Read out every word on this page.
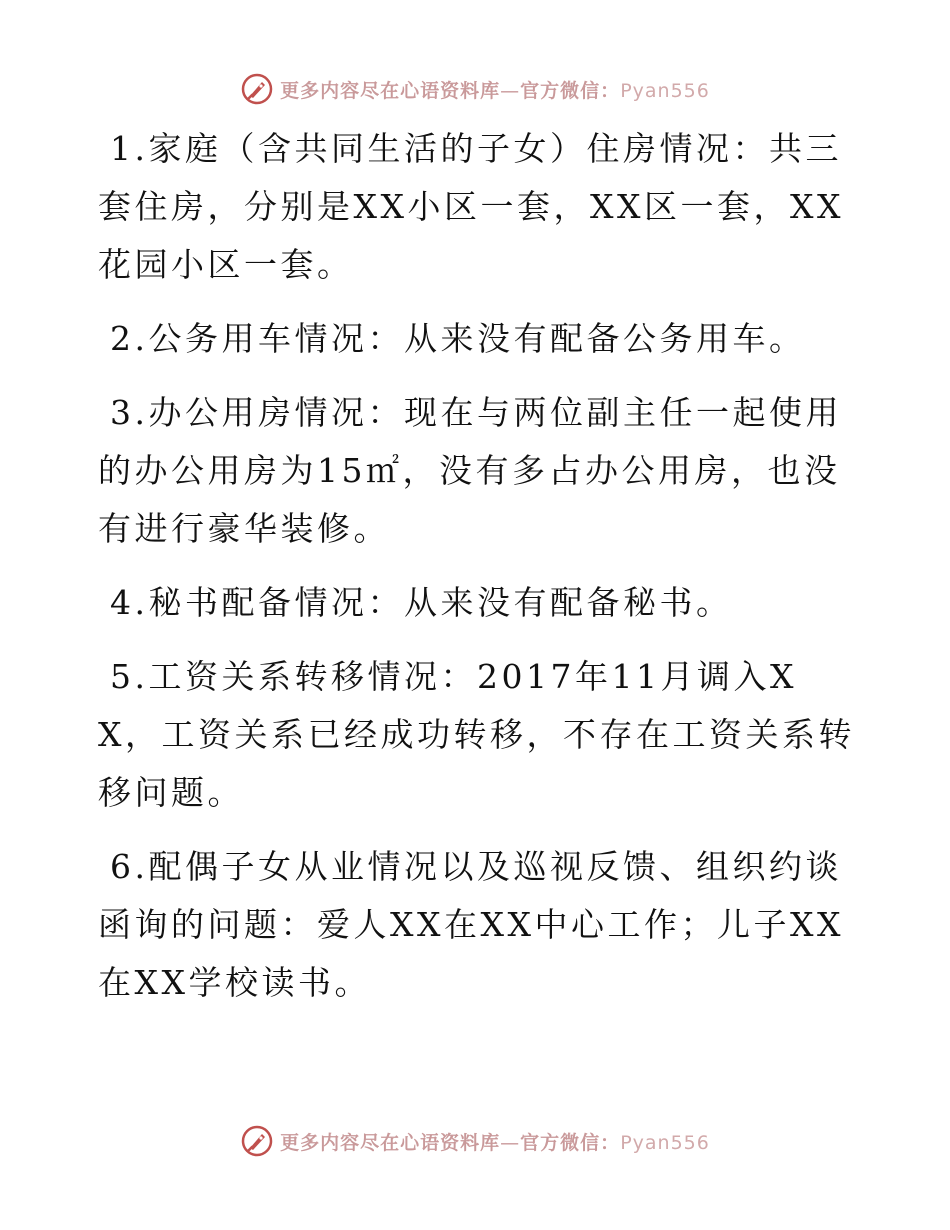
更多内容尽在心语资料库—官方微信：Pyan556

1.家庭（含共同生活的子女）住房情况：共三套住房，分别是XX小区一套，XX区一套，XX花园小区一套。

2.公务用车情况：从来没有配备公务用车。

3.办公用房情况：现在与两位副主任一起使用的办公用房为15㎡，没有多占办公用房，也没有进行豪华装修。

4.秘书配备情况：从来没有配备秘书。

5.工资关系转移情况：2017年11月调入XX，工资关系已经成功转移，不存在工资关系转移问题。

6.配偶子女从业情况以及巡视反馈、组织约谈函询的问题：爱人XX在XX中心工作；儿子XX在XX学校读书。

更多内容尽在心语资料库—官方微信：Pyan556
